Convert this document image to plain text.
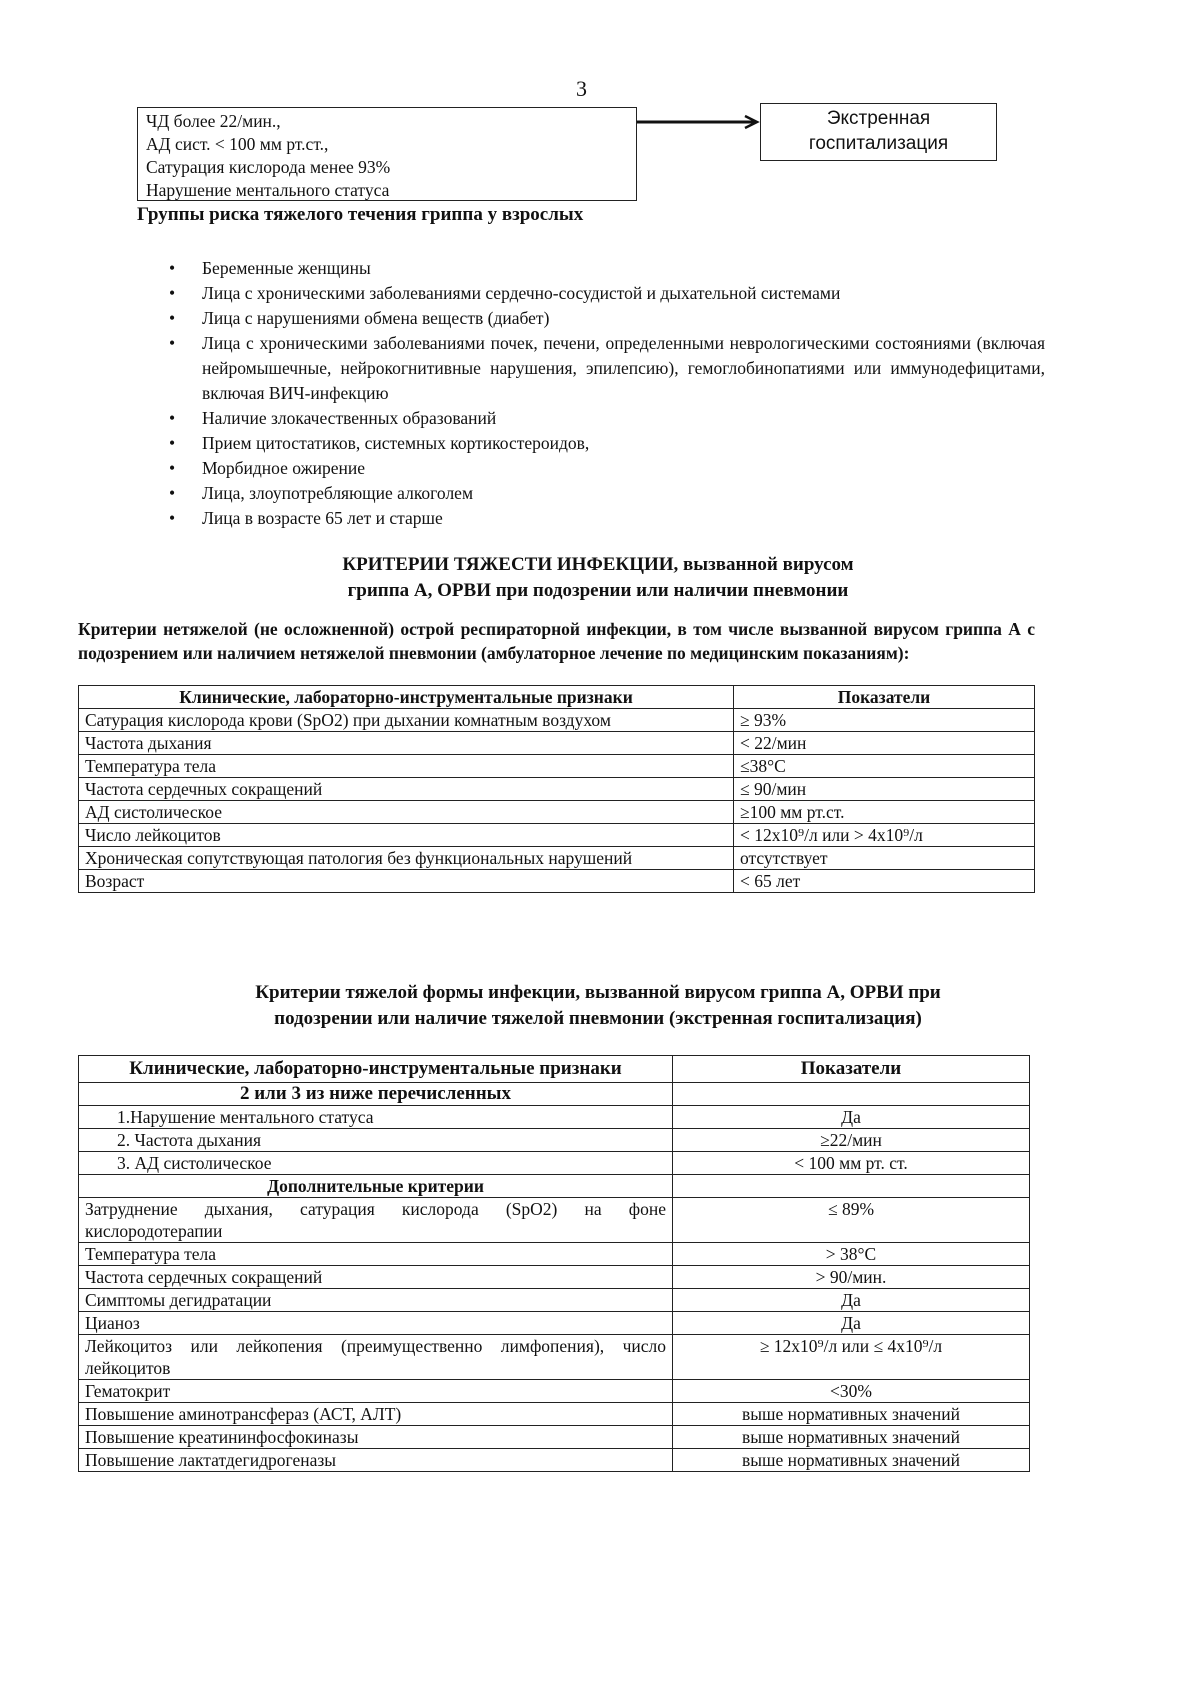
3
ЧД более 22/мин.,
АД сист. < 100 мм рт.ст.,
Сатурация кислорода менее 93%
Нарушение ментального статуса
Экстренная
госпитализация
Группы риска тяжелого течения гриппа у взрослых
• Беременные женщины
• Лица с хроническими заболеваниями сердечно-сосудистой и дыхательной системами
• Лица с нарушениями обмена веществ (диабет)
• Лица с хроническими заболеваниями почек, печени, определенными неврологическими состояниями (включая нейромышечные, нейрокогнитивные нарушения, эпилепсию), гемоглобинопатиями или иммунодефицитами, включая ВИЧ-инфекцию
• Наличие злокачественных образований
• Прием цитостатиков, системных кортикостероидов,
• Морбидное ожирение
• Лица, злоупотребляющие алкоголем
• Лица в возрасте 65 лет и старше
КРИТЕРИИ ТЯЖЕСТИ ИНФЕКЦИИ, вызванной вирусом
гриппа А, ОРВИ при подозрении или наличии пневмонии
Критерии нетяжелой (не осложненной) острой респираторной инфекции, в том числе вызванной вирусом гриппа А с подозрением или наличием нетяжелой пневмонии (амбулаторное лечение по медицинским показаниям):
Клинические, лабораторно-инструментальные признаки	Показатели
Сатурация кислорода крови (SpO2) при дыхании комнатным воздухом	≥ 93%
Частота дыхания	< 22/мин
Температура тела	≤38°С
Частота сердечных сокращений	≤ 90/мин
АД систолическое	≥100 мм рт.ст.
Число лейкоцитов	< 12x10⁹/л или > 4x10⁹/л
Хроническая сопутствующая патология без функциональных нарушений	отсутствует
Возраст	< 65 лет
Критерии тяжелой формы инфекции, вызванной вирусом гриппа А, ОРВИ при
подозрении или наличие тяжелой пневмонии (экстренная госпитализация)
Клинические, лабораторно-инструментальные признаки	Показатели
2 или 3 из ниже перечисленных	
1.Нарушение ментального статуса	Да
2. Частота дыхания	≥22/мин
3. АД систолическое	< 100 мм рт. ст.
Дополнительные критерии	
Затруднение дыхания, сатурация кислорода (SpO2) на фоне кислородотерапии	≤ 89%
Температура тела	> 38°С
Частота сердечных сокращений	> 90/мин.
Симптомы дегидратации	Да
Цианоз	Да
Лейкоцитоз или лейкопения (преимущественно лимфопения), число лейкоцитов	≥ 12x10⁹/л или ≤ 4x10⁹/л
Гематокрит	<30%
Повышение аминотрансфераз (АСТ, АЛТ)	выше нормативных значений
Повышение креатининфосфокиназы	выше нормативных значений
Повышение лактатдегидрогеназы	выше нормативных значений
